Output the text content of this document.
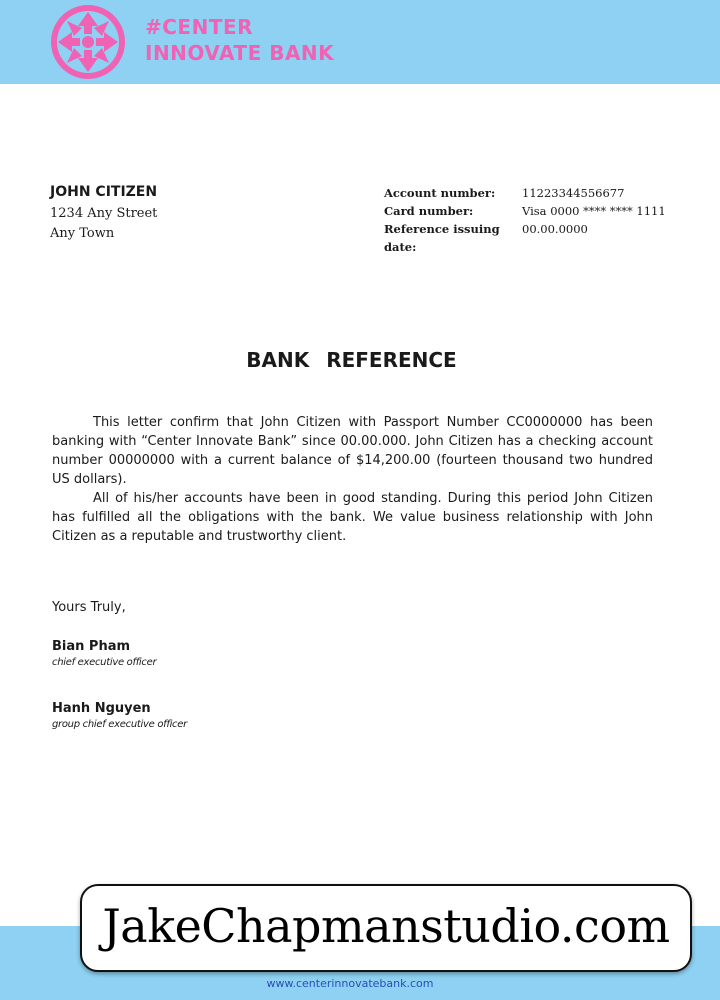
#CENTER
INNOVATE BANK
JOHN CITIZEN
1234 Any Street
Any Town
Account number:	11223344556677
Card number:	Visa 0000 **** **** 1111
Reference issuing date:
00.00.0000
BANK REFERENCE

This letter confirm that John Citizen with Passport Number CC0000000 has been banking with “Center Innovate Bank” since 00.00.000. John Citizen has a checking account number 00000000 with a current balance of $14,200.00 (fourteen thousand two hundred US dollars).

All of his/her accounts have been in good standing. During this period John Citizen has fulfilled all the obligations with the bank. We value business relationship with John Citizen as a reputable and trustworthy client.

Yours Truly,
Bian Pham
chief executive officer
Hanh Nguyen
group chief executive officer
www.centerinnovatebank.com
JakeChapmanstudio.com
